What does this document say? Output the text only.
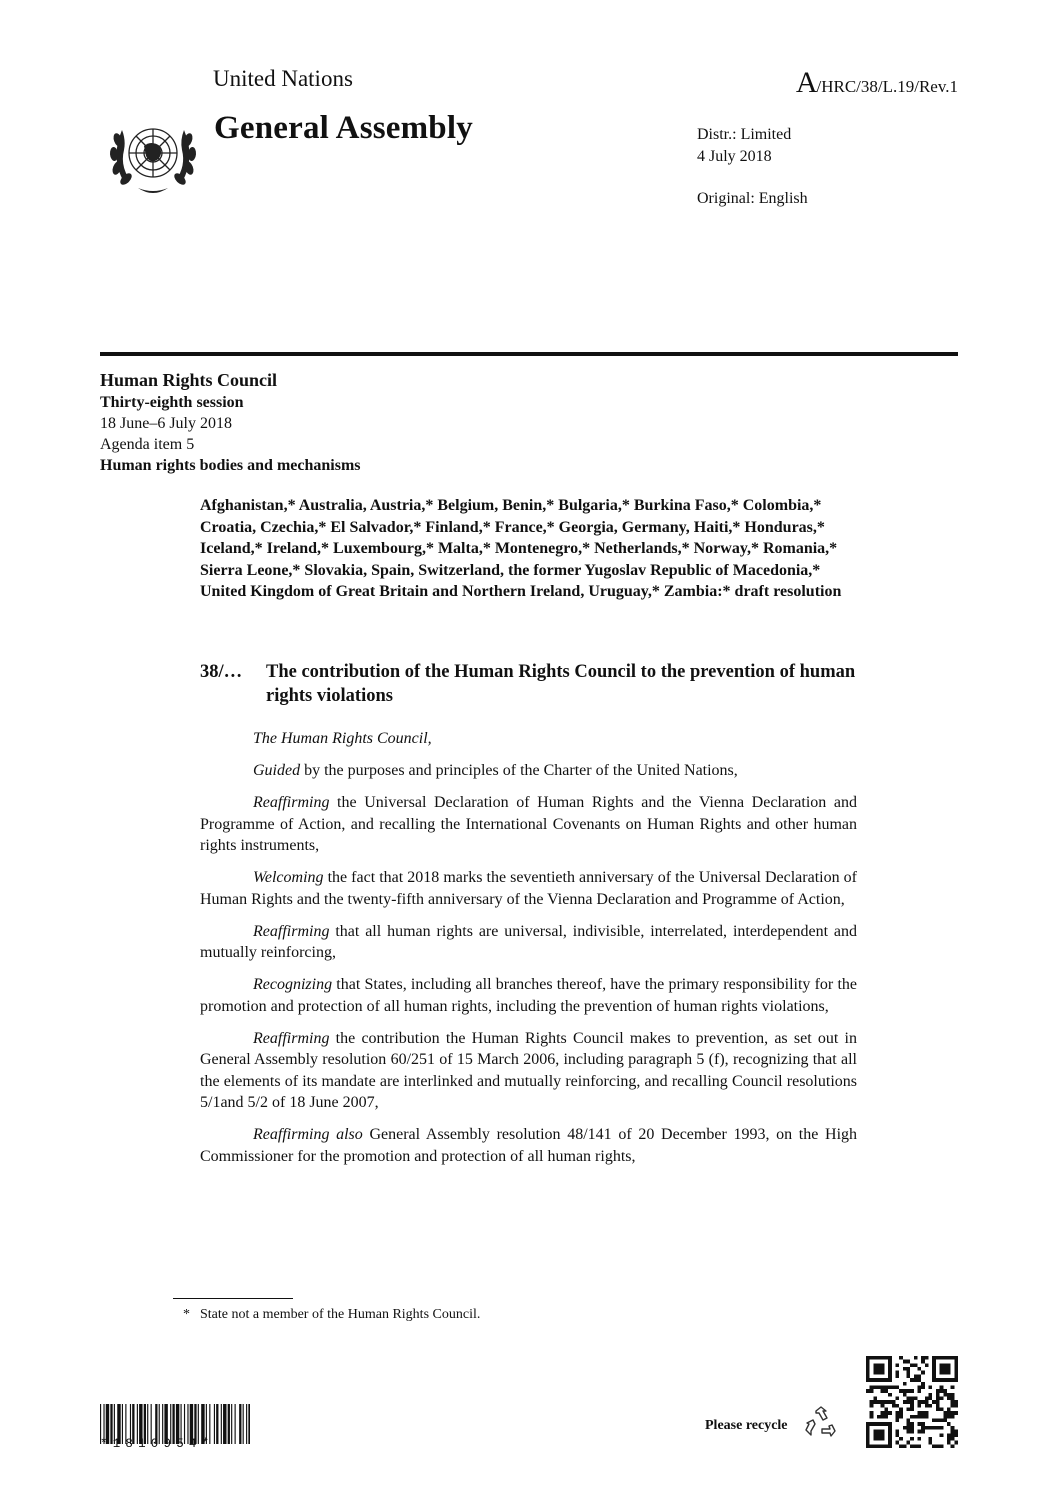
United Nations	A/HRC/38/L.19/Rev.1
General Assembly	Distr.: Limited
4 July 2018
Original: English
Human Rights Council
Thirty-eighth session
18 June–6 July 2018
Agenda item 5
Human rights bodies and mechanisms
Afghanistan,* Australia, Austria,* Belgium, Benin,* Bulgaria,* Burkina Faso,* Colombia,* Croatia, Czechia,* El Salvador,* Finland,* France,* Georgia, Germany, Haiti,* Honduras,* Iceland,* Ireland,* Luxembourg,* Malta,* Montenegro,* Netherlands,* Norway,* Romania,* Sierra Leone,* Slovakia, Spain, Switzerland, the former Yugoslav Republic of Macedonia,* United Kingdom of Great Britain and Northern Ireland, Uruguay,* Zambia:* draft resolution
38/… The contribution of the Human Rights Council to the prevention of human rights violations

The Human Rights Council,

Guided by the purposes and principles of the Charter of the United Nations,

Reaffirming the Universal Declaration of Human Rights and the Vienna Declaration and Programme of Action, and recalling the International Covenants on Human Rights and other human rights instruments,

Welcoming the fact that 2018 marks the seventieth anniversary of the Universal Declaration of Human Rights and the twenty-fifth anniversary of the Vienna Declaration and Programme of Action,

Reaffirming that all human rights are universal, indivisible, interrelated, interdependent and mutually reinforcing,

Recognizing that States, including all branches thereof, have the primary responsibility for the promotion and protection of all human rights, including the prevention of human rights violations,

Reaffirming the contribution the Human Rights Council makes to prevention, as set out in General Assembly resolution 60/251 of 15 March 2006, including paragraph 5 (f), recognizing that all the elements of its mandate are interlinked and mutually reinforcing, and recalling Council resolutions 5/1and 5/2 of 18 June 2007,

Reaffirming also General Assembly resolution 48/141 of 20 December 1993, on the High Commissioner for the promotion and protection of all human rights,

* State not a member of the Human Rights Council.
*1810954*
Please recycle
